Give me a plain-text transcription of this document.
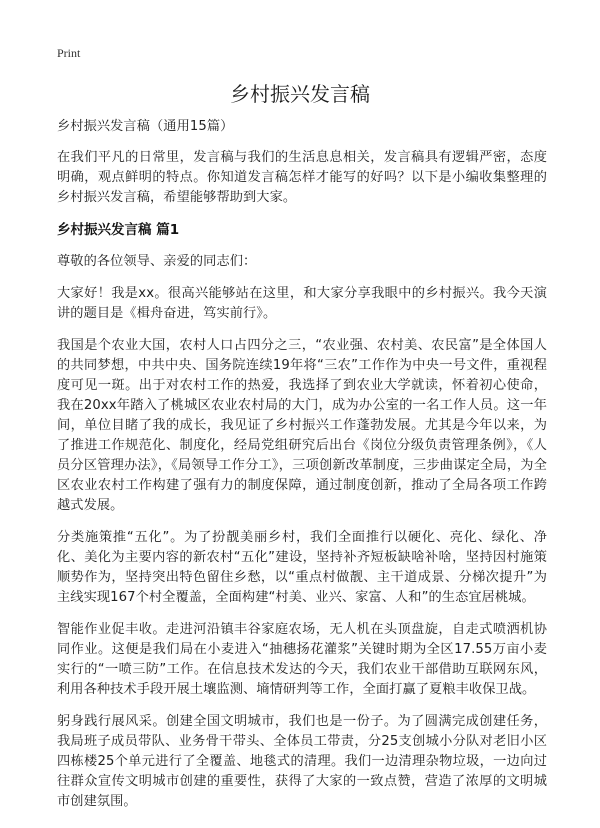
Print
乡村振兴发言稿

乡村振兴发言稿（通用15篇）

在我们平凡的日常里，发言稿与我们的生活息息相关，发言稿具有逻辑严密，态度明确，观点鲜明的特点。你知道发言稿怎样才能写的好吗？以下是小编收集整理的乡村振兴发言稿，希望能够帮助到大家。

乡村振兴发言稿 篇1

尊敬的各位领导、亲爱的同志们：

大家好！我是xx。很高兴能够站在这里，和大家分享我眼中的乡村振兴。我今天演讲的题目是《楫舟奋进，笃实前行》。

我国是个农业大国，农村人口占四分之三，“农业强、农村美、农民富”是全体国人的共同梦想，中共中央、国务院连续19年将“三农”工作作为中央一号文件，重视程度可见一斑。出于对农村工作的热爱，我选择了到农业大学就读，怀着初心使命，我在20xx年踏入了桃城区农业农村局的大门，成为办公室的一名工作人员。这一年间，单位目睹了我的成长，我见证了乡村振兴工作蓬勃发展。尤其是今年以来，为了推进工作规范化、制度化，经局党组研究后出台《岗位分级负责管理条例》，《人员分区管理办法》，《局领导工作分工》，三项创新改革制度，三步曲谋定全局，为全区农业农村工作构建了强有力的制度保障，通过制度创新，推动了全局各项工作跨越式发展。

分类施策推“五化”。为了扮靓美丽乡村，我们全面推行以硬化、亮化、绿化、净化、美化为主要内容的新农村“五化”建设，坚持补齐短板缺啥补啥，坚持因村施策顺势作为，坚持突出特色留住乡愁，以“重点村做靓、主干道成景、分梯次提升”为主线实现167个村全覆盖，全面构建“村美、业兴、家富、人和”的生态宜居桃城。

智能作业促丰收。走进河沿镇丰谷家庭农场，无人机在头顶盘旋，自走式喷洒机协同作业。这便是我们局在小麦进入“抽穗扬花灌浆”关键时期为全区17.55万亩小麦实行的“一喷三防”工作。在信息技术发达的今天，我们农业干部借助互联网东风，利用各种技术手段开展土壤监测、墒情研判等工作，全面打赢了夏粮丰收保卫战。

躬身践行展风采。创建全国文明城市，我们也是一份子。为了圆满完成创建任务，我局班子成员带队、业务骨干带头、全体员工带责，分25支创城小分队对老旧小区四栋楼25个单元进行了全覆盖、地毯式的清理。我们一边清理杂物垃圾，一边向过往群众宣传文明城市创建的重要性，获得了大家的一致点赞，营造了浓厚的文明城市创建氛围。
